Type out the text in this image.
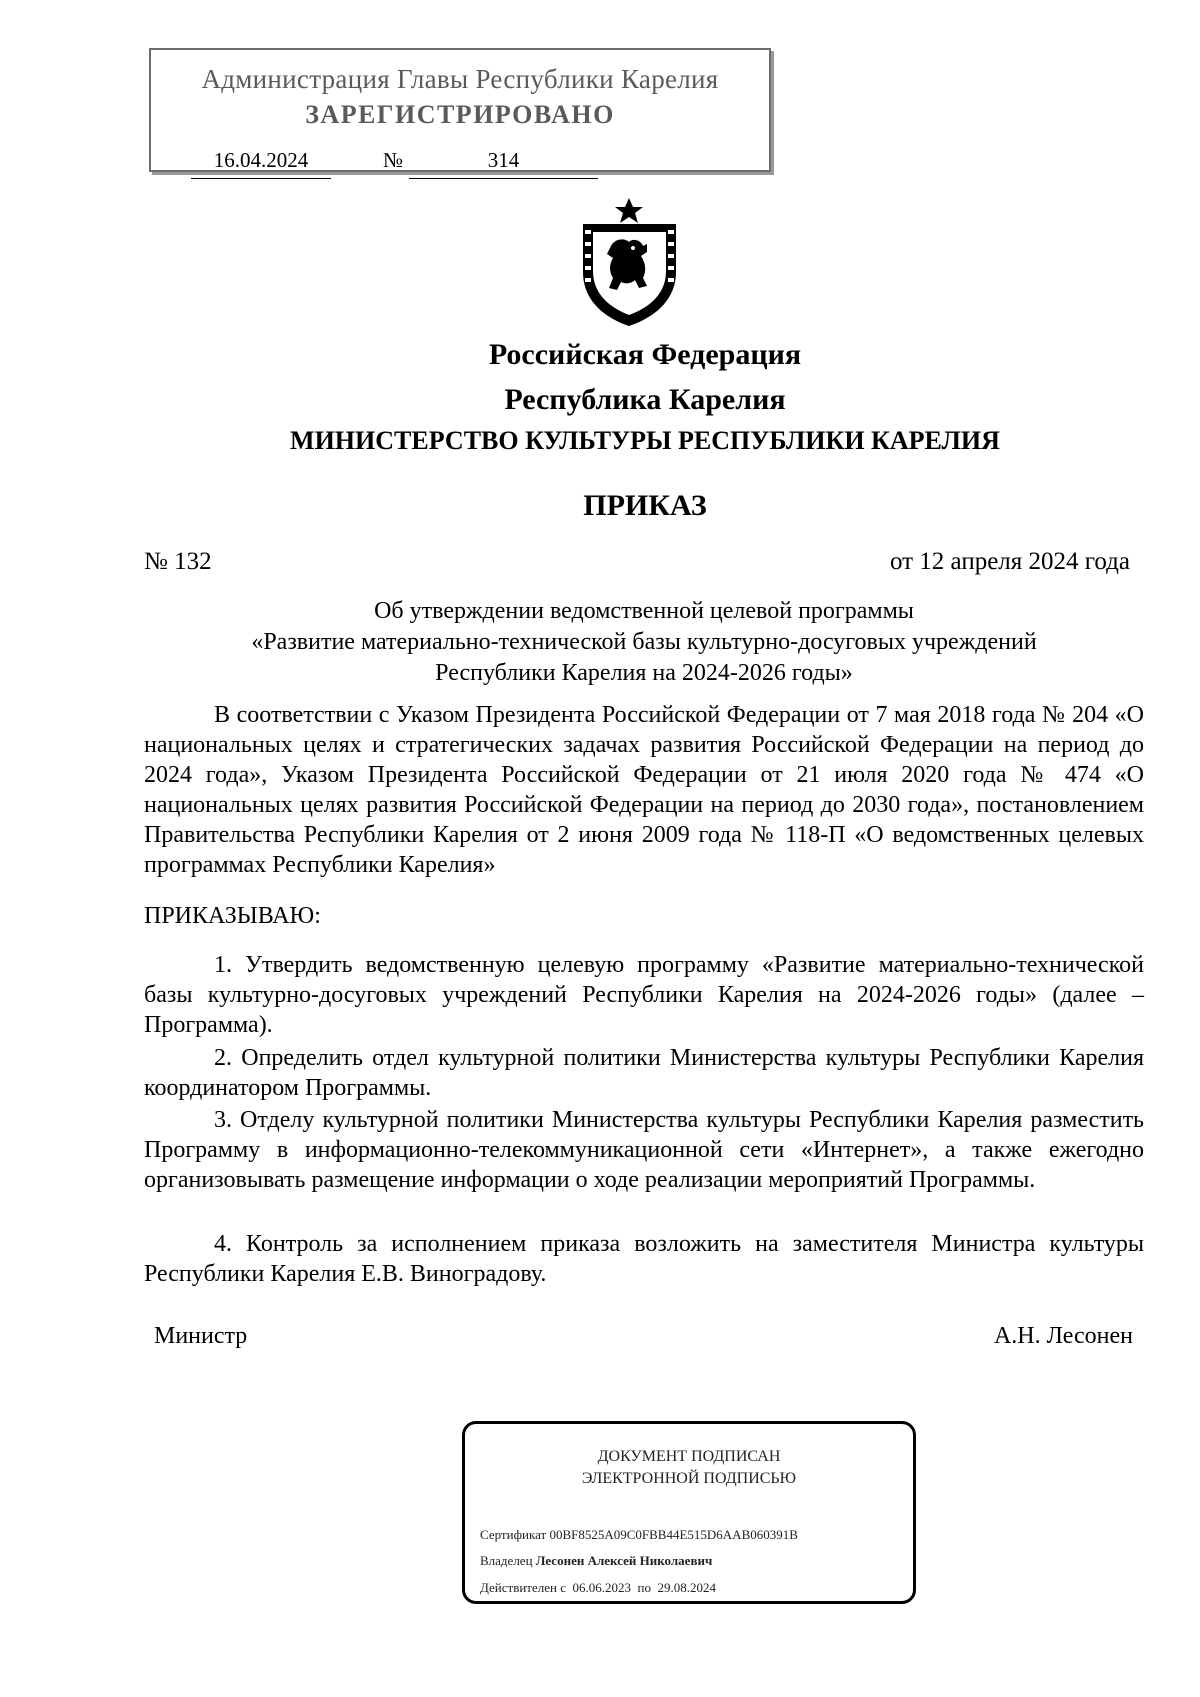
Администрация Главы Республики Карелия
ЗАРЕГИСТРИРОВАНО
16.04.2024	№	314
Российская Федерация
Республика Карелия
МИНИСТЕРСТВО КУЛЬТУРЫ РЕСПУБЛИКИ КАРЕЛИЯ
ПРИКАЗ
№ 132	от 12 апреля 2024 года
Об утверждении ведомственной целевой программы
«Развитие материально-технической базы культурно-досуговых учреждений
Республики Карелия на 2024-2026 годы»
В соответствии с Указом Президента Российской Федерации от 7 мая 2018 года № 204 «О национальных целях и стратегических задачах развития Российской Федерации на период до 2024 года», Указом Президента Российской Федерации от 21 июля 2020 года № 474 «О национальных целях развития Российской Федерации на период до 2030 года», постановлением Правительства Республики Карелия от 2 июня 2009 года № 118-П «О ведомственных целевых программах Республики Карелия»
ПРИКАЗЫВАЮ:
1. Утвердить ведомственную целевую программу «Развитие материально-технической базы культурно-досуговых учреждений Республики Карелия на 2024-2026 годы» (далее – Программа).
2. Определить отдел культурной политики Министерства культуры Республики Карелия координатором Программы.
3. Отделу культурной политики Министерства культуры Республики Карелия разместить Программу в информационно-телекоммуникационной сети «Интернет», а также ежегодно организовывать размещение информации о ходе реализации мероприятий Программы.
4. Контроль за исполнением приказа возложить на заместителя Министра культуры Республики Карелия Е.В. Виноградову.
Министр	А.Н. Лесонен
ДОКУМЕНТ ПОДПИСАН
ЭЛЕКТРОННОЙ ПОДПИСЬЮ
Сертификат 00BF8525A09C0FBB44E515D6AAB060391B
Владелец Лесонен Алексей Николаевич
Действителен с 06.06.2023 по 29.08.2024
